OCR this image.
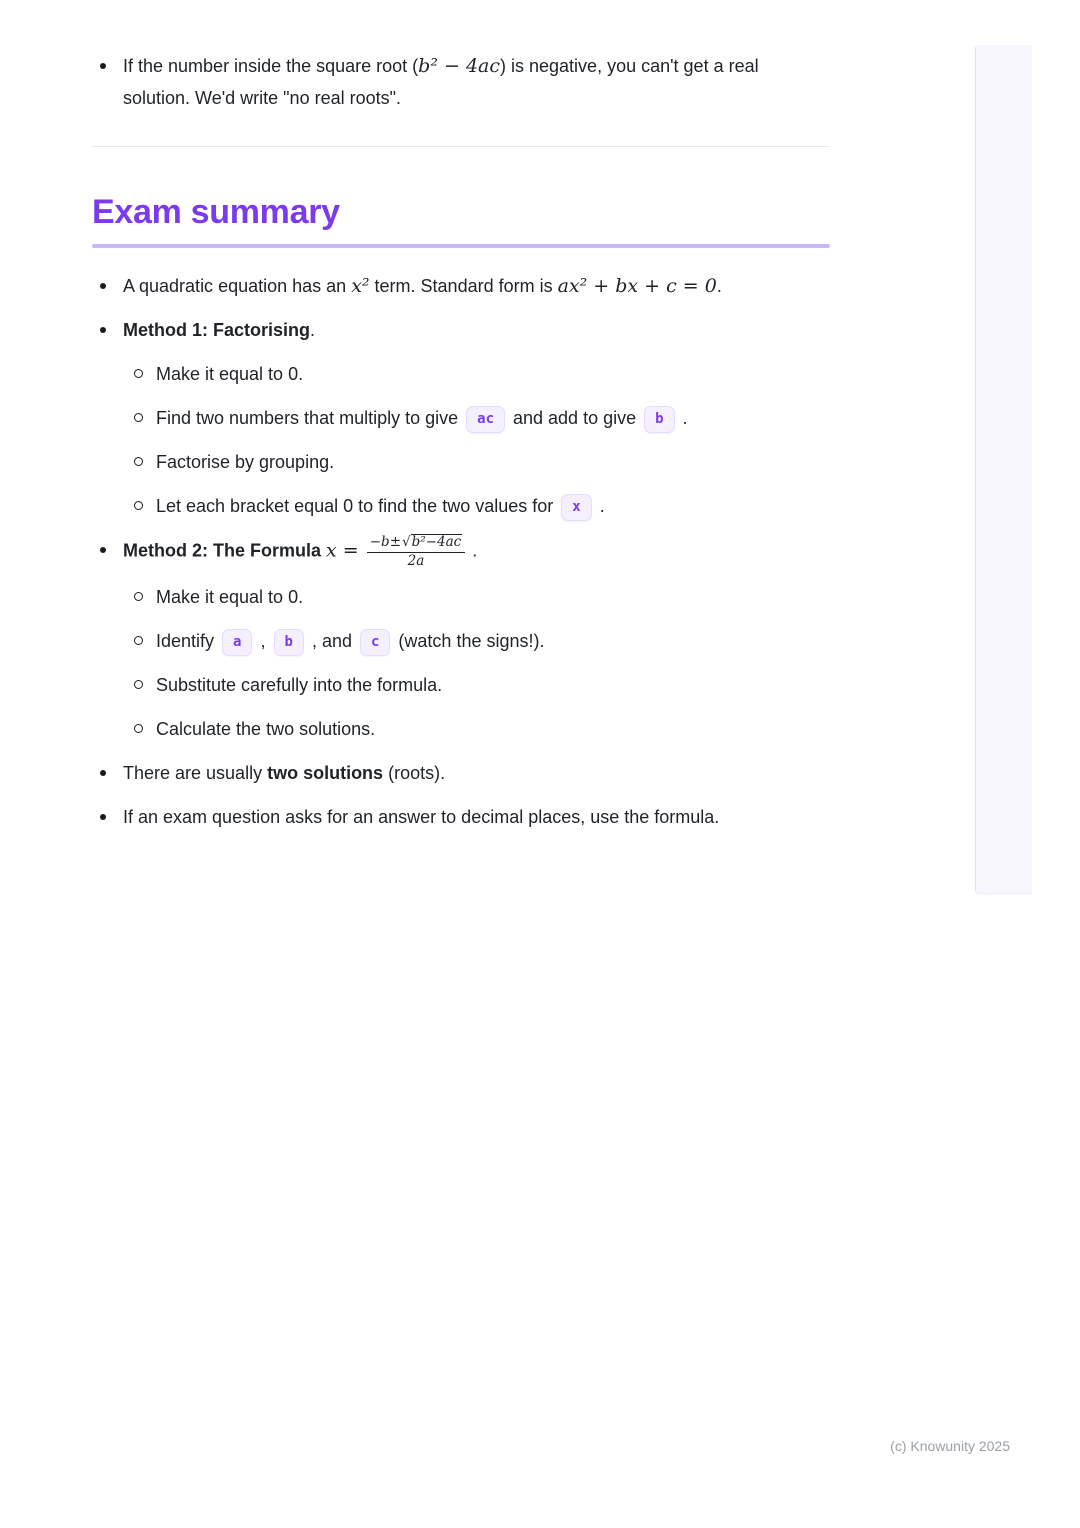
If the number inside the square root (b² − 4ac) is negative, you can't get a real solution. We'd write "no real roots".
Exam summary
A quadratic equation has an x² term. Standard form is ax² + bx + c = 0.
Method 1: Factorising.
Make it equal to 0.
Find two numbers that multiply to give ac and add to give b .
Factorise by grouping.
Let each bracket equal 0 to find the two values for x .
Method 2: The Formula $x = \frac{\text{−b± √ b²−4ac}}{2a}$ .
Make it equal to 0.
Identify a , b , and c (watch the signs!).
Substitute carefully into the formula.
Calculate the two solutions.
There are usually two solutions (roots).
If an exam question asks for an answer to decimal places, use the formula.
(c) Knowunity 2025
